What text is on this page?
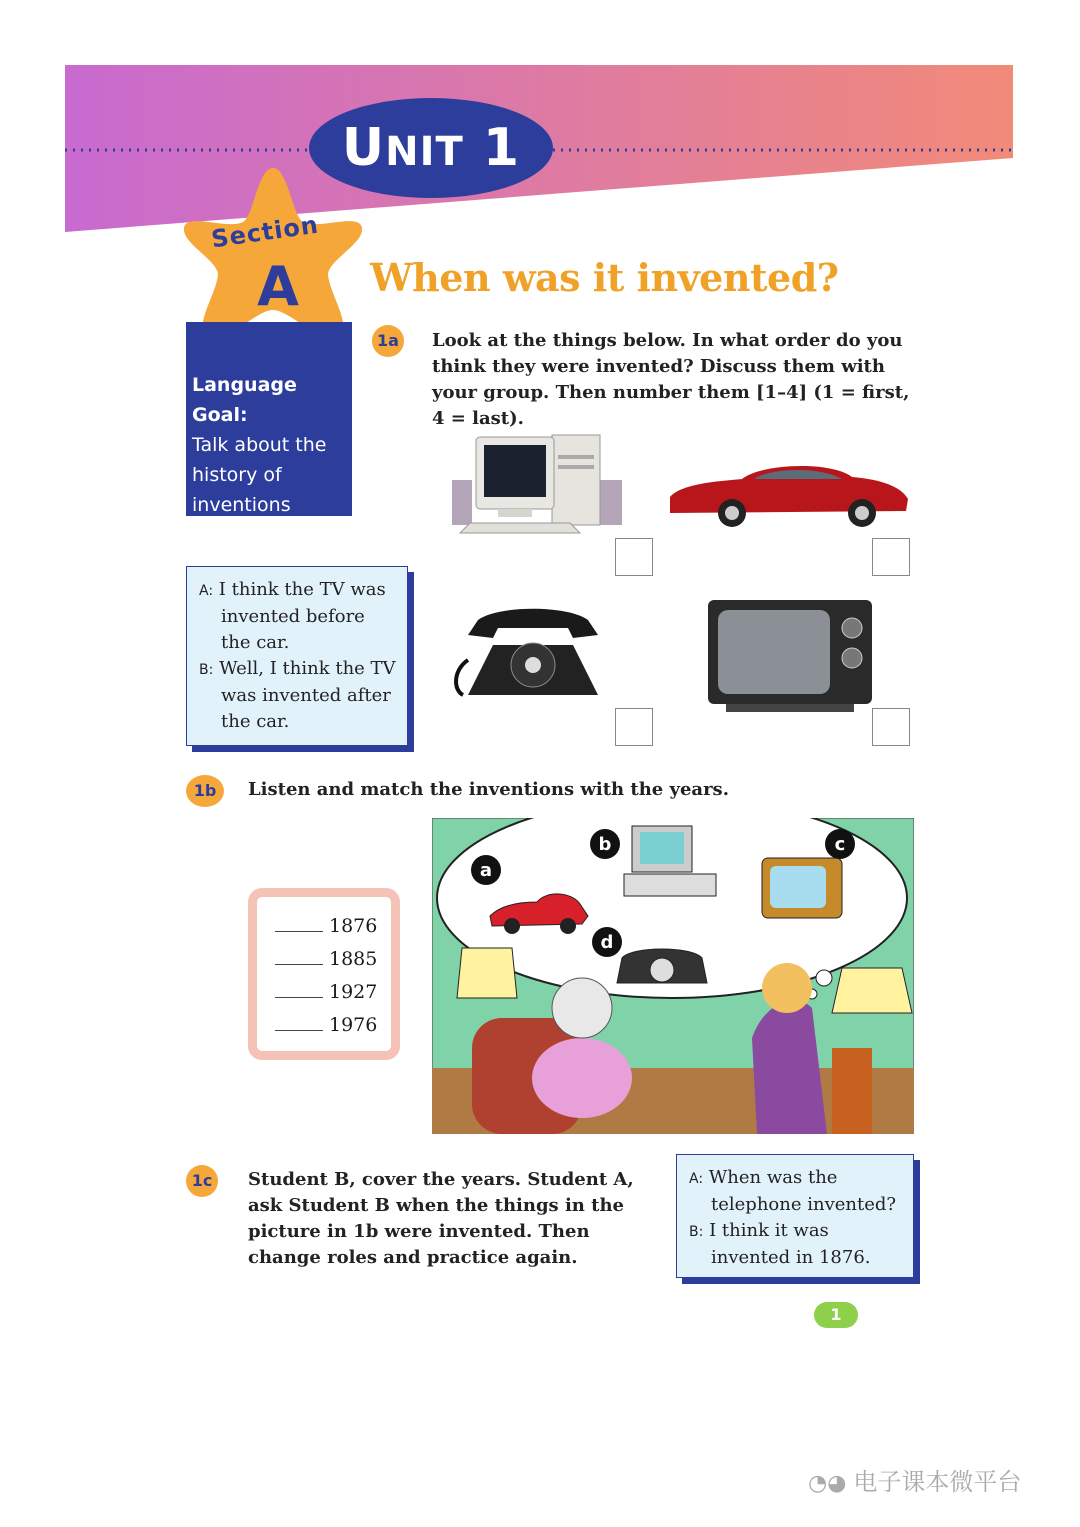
UNIT 1
Section
A	When was it invented?
Language Goal:
Talk about the history of inventions
1a Look at the things below. In what order do you think they were invented? Discuss them with your group. Then number them [1–4] (1 = first, 4 = last).
A: I think the TV was invented before the car.
B: Well, I think the TV was invented after the car.
1b	Listen and match the inventions with the years.
1876
1885
1927
1976
a
b	c
d
1c	Student B, cover the years. Student A, ask Student B when the things in the picture in 1b were invented. Then change roles and practice again.
A: When was the telephone invented?
B: I think it was invented in 1876.
1
◔◕ 电子课本微平台
